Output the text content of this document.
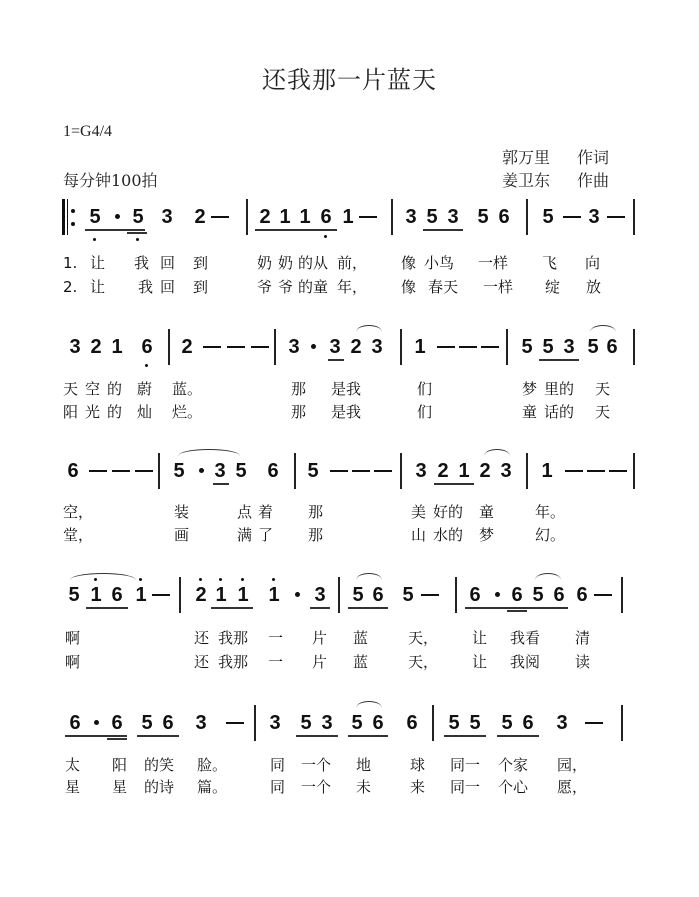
还我那一片蓝天
1=G4/4
每分钟100拍
郭万里 作词
姜卫东 作曲
5 5 3 2	2 1 1 6 1	3 5 3 5 6 5 3
1. 让 我 回 到	奶 奶 的从 前， 像 小鸟 一样 飞 向
2. 让 我 回 到	爷 爷 的童 年， 像 春天 一样 绽 放
3 2 1 6 2	3 3 2 3 1	5 5 3 5 6
天 空 的 蔚 蓝。	那 是我	们	梦 里的 天
阳 光 的 灿 烂。	那 是我	们	童 话的 天
6	5 3 5 6 5	3 2 1 2 3 1
空，	装	点 着 那	美 好的 童	年。
堂，	画	满 了 那	山 水的 梦	幻。
5 1 6 1 2 1 1 1 3 5 6 5	6 6 5 6 6
啊	还 我那 一 片 蓝	天， 让 我看 清
啊	还 我那 一 片 蓝	天， 让 我阅 读
6 6 5 6 3	3 5 3 5 6 6 5 5 5 6 3
太 阳 的笑 脸。	同 一个 地	球 同一 个家 园，
星 星 的诗 篇。	同 一个 未	来 同一 个心 愿，
